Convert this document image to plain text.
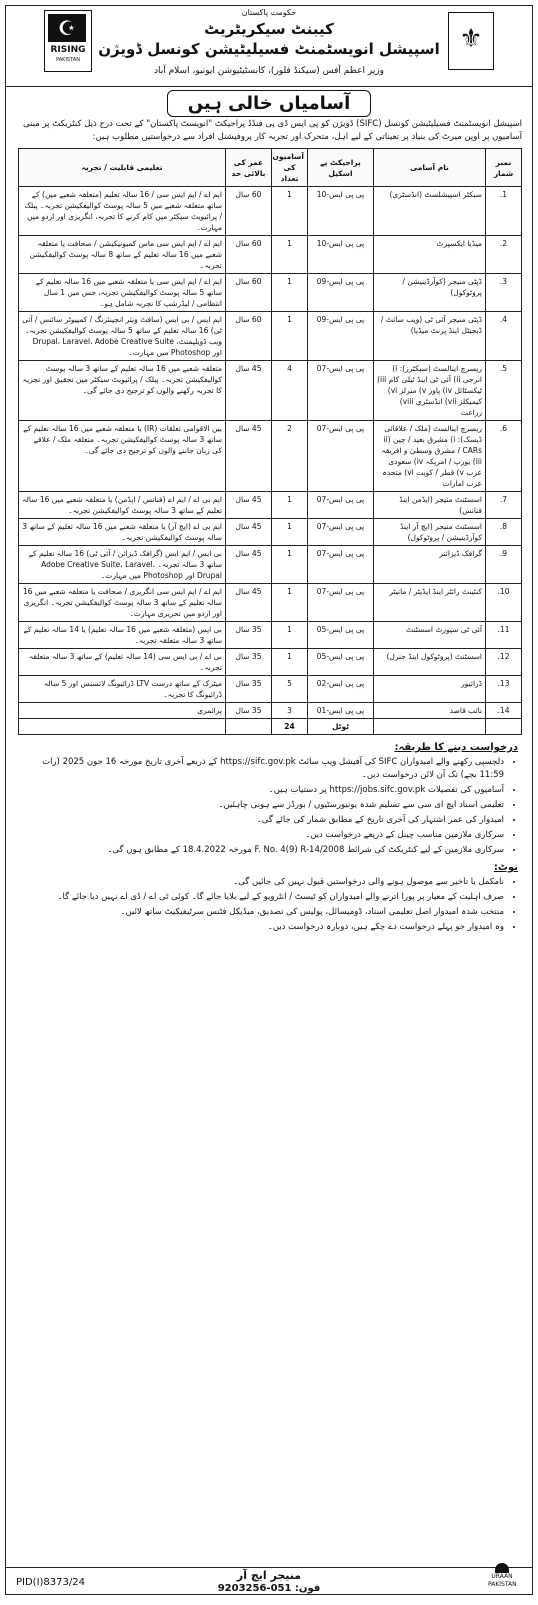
☪
RISING
PAKISTAN
⚜
حکومت پاکستان
کیبنٹ سیکریٹریٹ
اسپیشل انویسٹمنٹ فسیلیٹیشن کونسل ڈویژن
وزیر اعظم آفس (سیکنڈ فلور)، کانسٹیٹیوشن ایونیو، اسلام آباد
آسامیاں خالی ہیں
اسپیشل انویسٹمنٹ فسیلیٹیشن کونسل (SIFC) ڈویژن کو پی ایس ڈی پی فنڈڈ پراجیکٹ "انویسٹ پاکستان" کے تحت درج ذیل کنٹریکٹ پر مبنی آسامیوں پر اوپن میرٹ کی بنیاد پر تعیناتی کے لیے اہل، متحرک اور تجربہ کار پروفیشنل افراد سے درخواستیں مطلوب ہیں:
نمبر شمار	نام آسامی	پراجیکٹ پے اسکیل	آسامیوں کی تعداد	عمر کی بالائی حد	تعلیمی قابلیت / تجربہ
1.	سیکٹر اسپیشلسٹ (انڈسٹری)	پی پی ایس-10	1	60 سال	ایم اے / ایم ایس سی / 16 سالہ تعلیم (متعلقہ شعبے میں) کے ساتھ متعلقہ شعبے میں 5 سالہ پوسٹ کوالیفکیشن تجربہ۔ پبلک / پرائیویٹ سیکٹر میں کام کرنے کا تجربہ، انگریزی اور اردو میں مہارت۔
2.	میڈیا ایکسپرٹ	پی پی ایس-10	1	60 سال	ایم اے / ایم ایس سی ماس کمیونیکیشن / صحافت یا متعلقہ شعبے میں 16 سالہ تعلیم کے ساتھ 8 سالہ پوسٹ کوالیفکیشن تجربہ۔
3.	ڈپٹی منیجر (کوآرڈینیشن / پروٹوکول)	پی پی ایس-09	1	60 سال	ایم اے / ایم ایس سی یا متعلقہ شعبے میں 16 سالہ تعلیم کے ساتھ 5 سالہ پوسٹ کوالیفکیشن تجربہ، جس میں 1 سال انتظامی / لیڈرشپ کا تجربہ شامل ہو۔
4.	ڈپٹی منیجر آئی ٹی (ویب سائٹ / ڈیجیٹل اینڈ پرنٹ میڈیا)	پی پی ایس-09	1	60 سال	ایم ایس / بی ایس (سافٹ ویئر انجینئرنگ / کمپیوٹر سائنس / آئی ٹی) 16 سالہ تعلیم کے ساتھ 5 سالہ پوسٹ کوالیفکیشن تجربہ۔ ویب ڈویلپمنٹ، Drupal، Laravel، Adobe Creative Suite اور Photoshop میں مہارت۔
5.	ریسرچ اینالسٹ (سیکٹرز): i) انرجی ii) آئی ٹی اینڈ ٹیلی کام iii) ٹیکسٹائل iv) پاور v) منرلز vi) کیمیکلز vii) انڈسٹری viii) زراعت	پی پی ایس-07	4	45 سال	متعلقہ شعبے میں 16 سالہ تعلیم کے ساتھ 3 سالہ پوسٹ کوالیفکیشن تجربہ۔ پبلک / پرائیویٹ سیکٹر میں تحقیق اور تجزیہ کا تجربہ رکھنے والوں کو ترجیح دی جائے گی۔
6.	ریسرچ اینالسٹ (ملک / علاقائی ڈیسک): i) مشرق بعید / چین ii) CARs / مشرق وسطیٰ و افریقہ iii) یورپ / امریکہ iv) سعودی عرب v) قطر / کویت vi) متحدہ عرب امارات	پی پی ایس-07	2	45 سال	بین الاقوامی تعلقات (IR) یا متعلقہ شعبے میں 16 سالہ تعلیم کے ساتھ 3 سالہ پوسٹ کوالیفکیشن تجربہ۔ متعلقہ ملک / علاقے کی زبان جاننے والوں کو ترجیح دی جائے گی۔
7.	اسسٹنٹ منیجر (ایڈمن اینڈ فنانس)	پی پی ایس-07	1	45 سال	ایم بی اے / ایم اے (فنانس / ایڈمن) یا متعلقہ شعبے میں 16 سالہ تعلیم کے ساتھ 3 سالہ پوسٹ کوالیفکیشن تجربہ۔
8.	اسسٹنٹ منیجر (ایچ آر اینڈ کوآرڈینیشن / پروٹوکول)	پی پی ایس-07	1	45 سال	ایم بی اے (ایچ آر) یا متعلقہ شعبے میں 16 سالہ تعلیم کے ساتھ 3 سالہ پوسٹ کوالیفکیشن تجربہ۔
9.	گرافک ڈیزائنر	پی پی ایس-07	1	45 سال	بی ایس / ایم ایس (گرافک ڈیزائن / آئی ٹی) 16 سالہ تعلیم کے ساتھ 3 سالہ تجربہ۔ Adobe Creative Suite، Laravel، Drupal اور Photoshop میں مہارت۔
10.	کنٹینٹ رائٹر اینڈ ایڈیٹر / مانیٹر	پی پی ایس-07	1	45 سال	ایم اے / ایم ایس سی انگریزی / صحافت یا متعلقہ شعبے میں 16 سالہ تعلیم کے ساتھ 3 سالہ پوسٹ کوالیفکیشن تجربہ۔ انگریزی اور اردو میں تحریری مہارت۔
11.	آئی ٹی سپورٹ اسسٹنٹ	پی پی ایس-05	1	35 سال	بی ایس (متعلقہ شعبے میں 16 سالہ تعلیم) یا 14 سالہ تعلیم کے ساتھ 3 سالہ متعلقہ تجربہ۔
12.	اسسٹنٹ (پروٹوکول اینڈ جنرل)	پی پی ایس-05	1	35 سال	بی اے / بی ایس سی (14 سالہ تعلیم) کے ساتھ 3 سالہ متعلقہ تجربہ۔
13.	ڈرائیور	پی پی ایس-02	5	35 سال	میٹرک کے ساتھ درست LTV ڈرائیونگ لائسنس اور 5 سالہ ڈرائیونگ کا تجربہ۔
14.	نائب قاصد	پی پی ایس-01	3	35 سال	پرائمری
		ٹوٹل	24		
درخواست دینے کا طریقہ:
• دلچسپی رکھنے والے امیدواران SIFC کی آفیشل ویب سائٹ https://sifc.gov.pk کے ذریعے آخری تاریخ مورخہ 16 جون 2025 (رات 11:59 بجے) تک آن لائن درخواست دیں۔
• آسامیوں کی تفصیلات https://jobs.sifc.gov.pk پر دستیاب ہیں۔
• تعلیمی اسناد ایچ ای سی سے تسلیم شدہ یونیورسٹیوں / بورڈز سے ہونی چاہئیں۔
• امیدوار کی عمر اشتہار کی آخری تاریخ کے مطابق شمار کی جائے گی۔
• سرکاری ملازمین مناسب چینل کے ذریعے درخواست دیں۔
• سرکاری ملازمین کے لیے کنٹریکٹ کی شرائط F. No. 4(9) R-14/2008 مورخہ 18.4.2022 کے مطابق ہوں گی۔
نوٹ:
• نامکمل یا تاخیر سے موصول ہونے والی درخواستیں قبول نہیں کی جائیں گی۔
• صرف اہلیت کے معیار پر پورا اترنے والے امیدواران کو ٹیسٹ / انٹرویو کے لیے بلایا جائے گا۔ کوئی ٹی اے / ڈی اے نہیں دیا جائے گا۔
• منتخب شدہ امیدوار اصل تعلیمی اسناد، ڈومیسائل، پولیس کی تصدیق، میڈیکل فٹنس سرٹیفیکیٹ ساتھ لائیں۔
• وہ امیدوار جو پہلے درخواست دے چکے ہیں، دوبارہ درخواست دیں۔
PID(I)8373/24
منیجر ایچ آر
فون: 051-9203256
URAAN PAKISTAN
